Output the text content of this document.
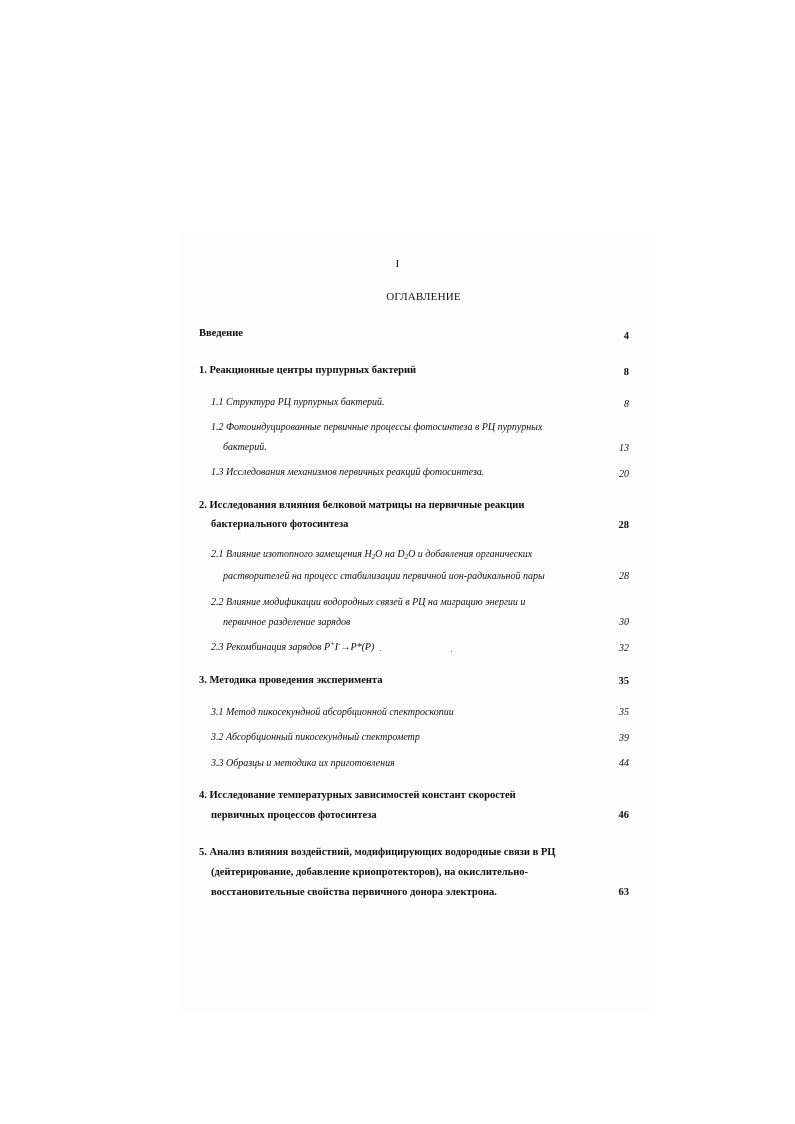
I
ОГЛАВЛЕНИЕ
Введение	4
1. Реакционные центры пурпурных бактерий	8
1.1 Структура РЦ пурпурных бактерий.	8
1.2 Фотоиндуцированные первичные процессы фотосинтеза в РЦ пурпурных
бактерий.	13
1.3 Исследования механизмов первичных реакций фотосинтеза.	20
2. Исследования влияния белковой матрицы на первичные реакции
бактериального фотосинтеза	28
2.1 Влияние изотопного замещения $H_2O$ на $D_2O$ и добавления органических
растворителей на процесс стабилизации первичной ион-радикальной пары	28
2.2 Влияние модификации водородных связей в РЦ на миграцию энергии и
первичное разделение зарядов	30
2.3 Рекомбинация зарядов P+I-→P*(P)	32
3. Методика проведения эксперимента	35
3.1 Метод пикосекундной абсорбционной спектроскопии	35
3.2 Абсорбционный пикосекундный спектрометр	39
3.3 Образцы и методика их приготовления	44
4. Исследование температурных зависимостей констант скоростей
первичных процессов фотосинтеза	46
5. Анализ влияния воздействий, модифицирующих водородные связи в РЦ
(дейтерирование, добавление криопротекторов), на окислительно-
восстановительные свойства первичного донора электрона.	63
